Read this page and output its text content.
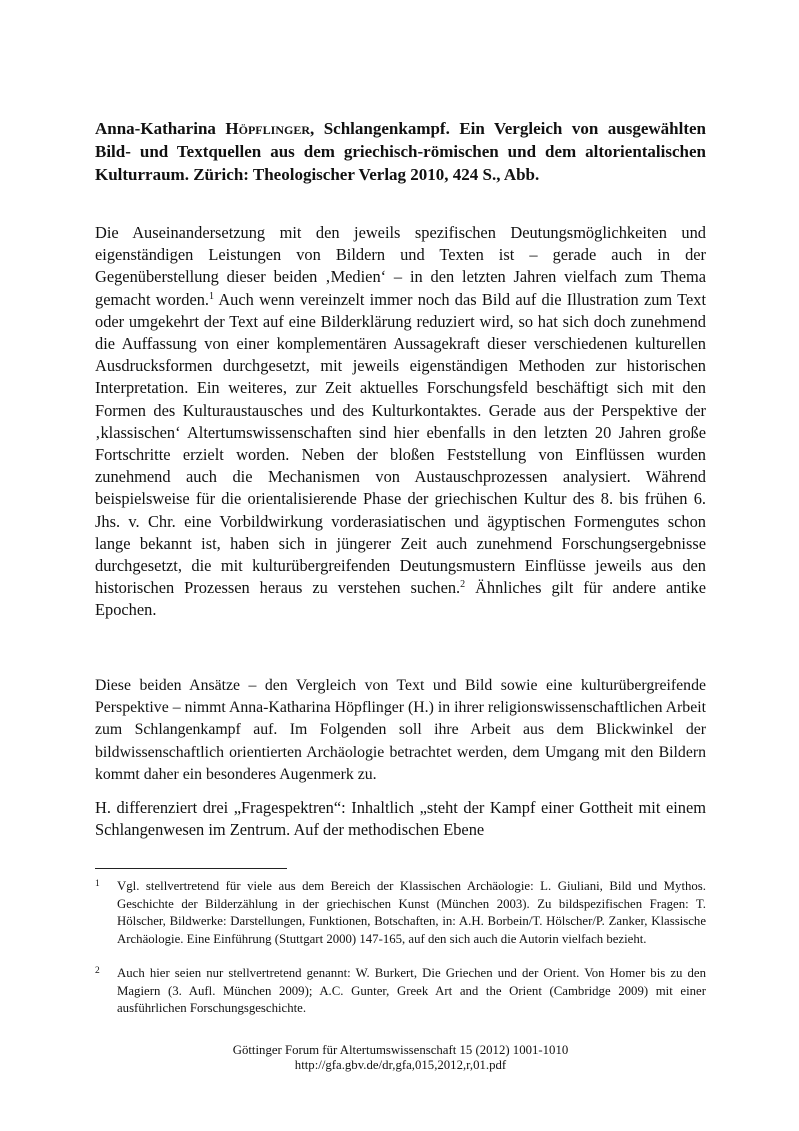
Anna-Katharina Höpflinger, Schlangenkampf. Ein Vergleich von ausgewählten Bild- und Textquellen aus dem griechisch-römischen und dem altorientalischen Kulturraum. Zürich: Theologischer Verlag 2010, 424 S., Abb.

Die Auseinandersetzung mit den jeweils spezifischen Deutungsmöglichkeiten und eigenständigen Leistungen von Bildern und Texten ist – gerade auch in der Gegenüberstellung dieser beiden ‚Medien‘ – in den letzten Jahren vielfach zum Thema gemacht worden.$^1$ Auch wenn vereinzelt immer noch das Bild auf die Illustration zum Text oder umgekehrt der Text auf eine Bilderklärung reduziert wird, so hat sich doch zunehmend die Auffassung von einer komplementären Aussagekraft dieser verschiedenen kulturellen Ausdrucksformen durchgesetzt, mit jeweils eigenständigen Methoden zur historischen Interpretation. Ein weiteres, zur Zeit aktuelles Forschungsfeld beschäftigt sich mit den Formen des Kulturaustausches und des Kulturkontaktes. Gerade aus der Perspektive der ‚klassischen‘ Altertumswissenschaften sind hier ebenfalls in den letzten 20 Jahren große Fortschritte erzielt worden. Neben der bloßen Feststellung von Einflüssen wurden zunehmend auch die Mechanismen von Austauschprozessen analysiert. Während beispielsweise für die orientalisierende Phase der griechischen Kultur des 8. bis frühen 6. Jhs. v. Chr. eine Vorbildwirkung vorderasiatischen und ägyptischen Formengutes schon lange bekannt ist, haben sich in jüngerer Zeit auch zunehmend Forschungsergebnisse durchgesetzt, die mit kulturübergreifenden Deutungsmustern Einflüsse jeweils aus den historischen Prozessen heraus zu verstehen suchen.$^2$ Ähnliches gilt für andere antike Epochen.

Diese beiden Ansätze – den Vergleich von Text und Bild sowie eine kulturübergreifende Perspektive – nimmt Anna-Katharina Höpflinger (H.) in ihrer religionswissenschaftlichen Arbeit zum Schlangenkampf auf. Im Folgenden soll ihre Arbeit aus dem Blickwinkel der bildwissenschaftlich orientierten Archäologie betrachtet werden, dem Umgang mit den Bildern kommt daher ein besonderes Augenmerk zu.

H. differenziert drei „Fragespektren“: Inhaltlich „steht der Kampf einer Gottheit mit einem Schlangenwesen im Zentrum. Auf der methodischen Ebene

1 Vgl. stellvertretend für viele aus dem Bereich der Klassischen Archäologie: L. Giuliani, Bild und Mythos. Geschichte der Bilderzählung in der griechischen Kunst (München 2003). Zu bildspezifischen Fragen: T. Hölscher, Bildwerke: Darstellungen, Funktionen, Botschaften, in: A.H. Borbein/T. Hölscher/P. Zanker, Klassische Archäologie. Eine Einführung (Stuttgart 2000) 147-165, auf den sich auch die Autorin vielfach bezieht.
2 Auch hier seien nur stellvertretend genannt: W. Burkert, Die Griechen und der Orient. Von Homer bis zu den Magiern (3. Aufl. München 2009); A.C. Gunter, Greek Art and the Orient (Cambridge 2009) mit einer ausführlichen Forschungsgeschichte.
Göttinger Forum für Altertumswissenschaft 15 (2012) 1001-1010
http://gfa.gbv.de/dr,gfa,015,2012,r,01.pdf
